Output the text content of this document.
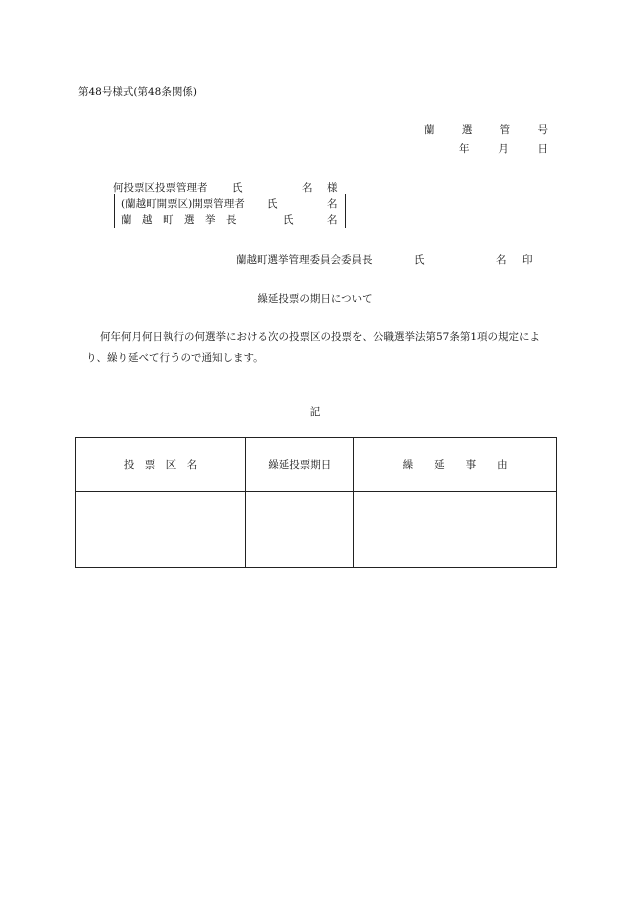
第48号様式(第48条関係)
蘭	選	管	号
年	月	日
何投票区投票管理者 氏	名 様
(蘭越町開票区)開票管理者 氏	名
蘭　越　町　選　挙　長	氏	名
蘭越町選挙管理委員会委員長	氏	名 印
繰延投票の期日について
何年何月何日執行の何選挙における次の投票区の投票を、公職選挙法第57条第1項の規定により、繰り延べて行うので通知します。
記
投　票　区　名	繰延投票期日	繰　　延　　事　　由
